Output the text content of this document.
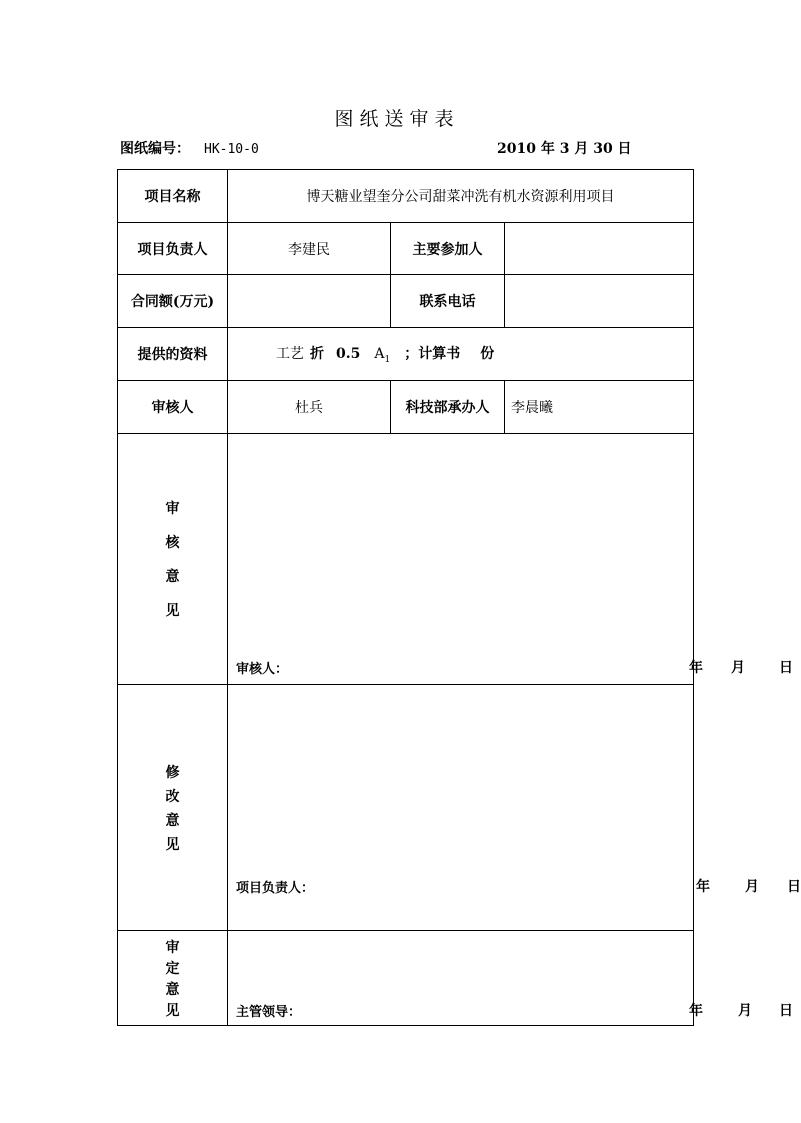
图纸送审表
图纸编号： HK-10-0	2010 年 3 月 30 日
项目名称	博天糖业望奎分公司甜菜冲洗有机水资源利用项目		
项目负责人	李建民	主要参加人	
合同额(万元)		联系电话	
提供的资料	工艺 折 0.5 $A_1$ ；计算书 份		
审核人	杜兵	科技部承办人	李晨曦

审
核
意
见	审核人： 年 月 日		

修
改
意
见	项目负责人： 年 月 日		

审
定
意
见	主管领导： 年 月 日		
